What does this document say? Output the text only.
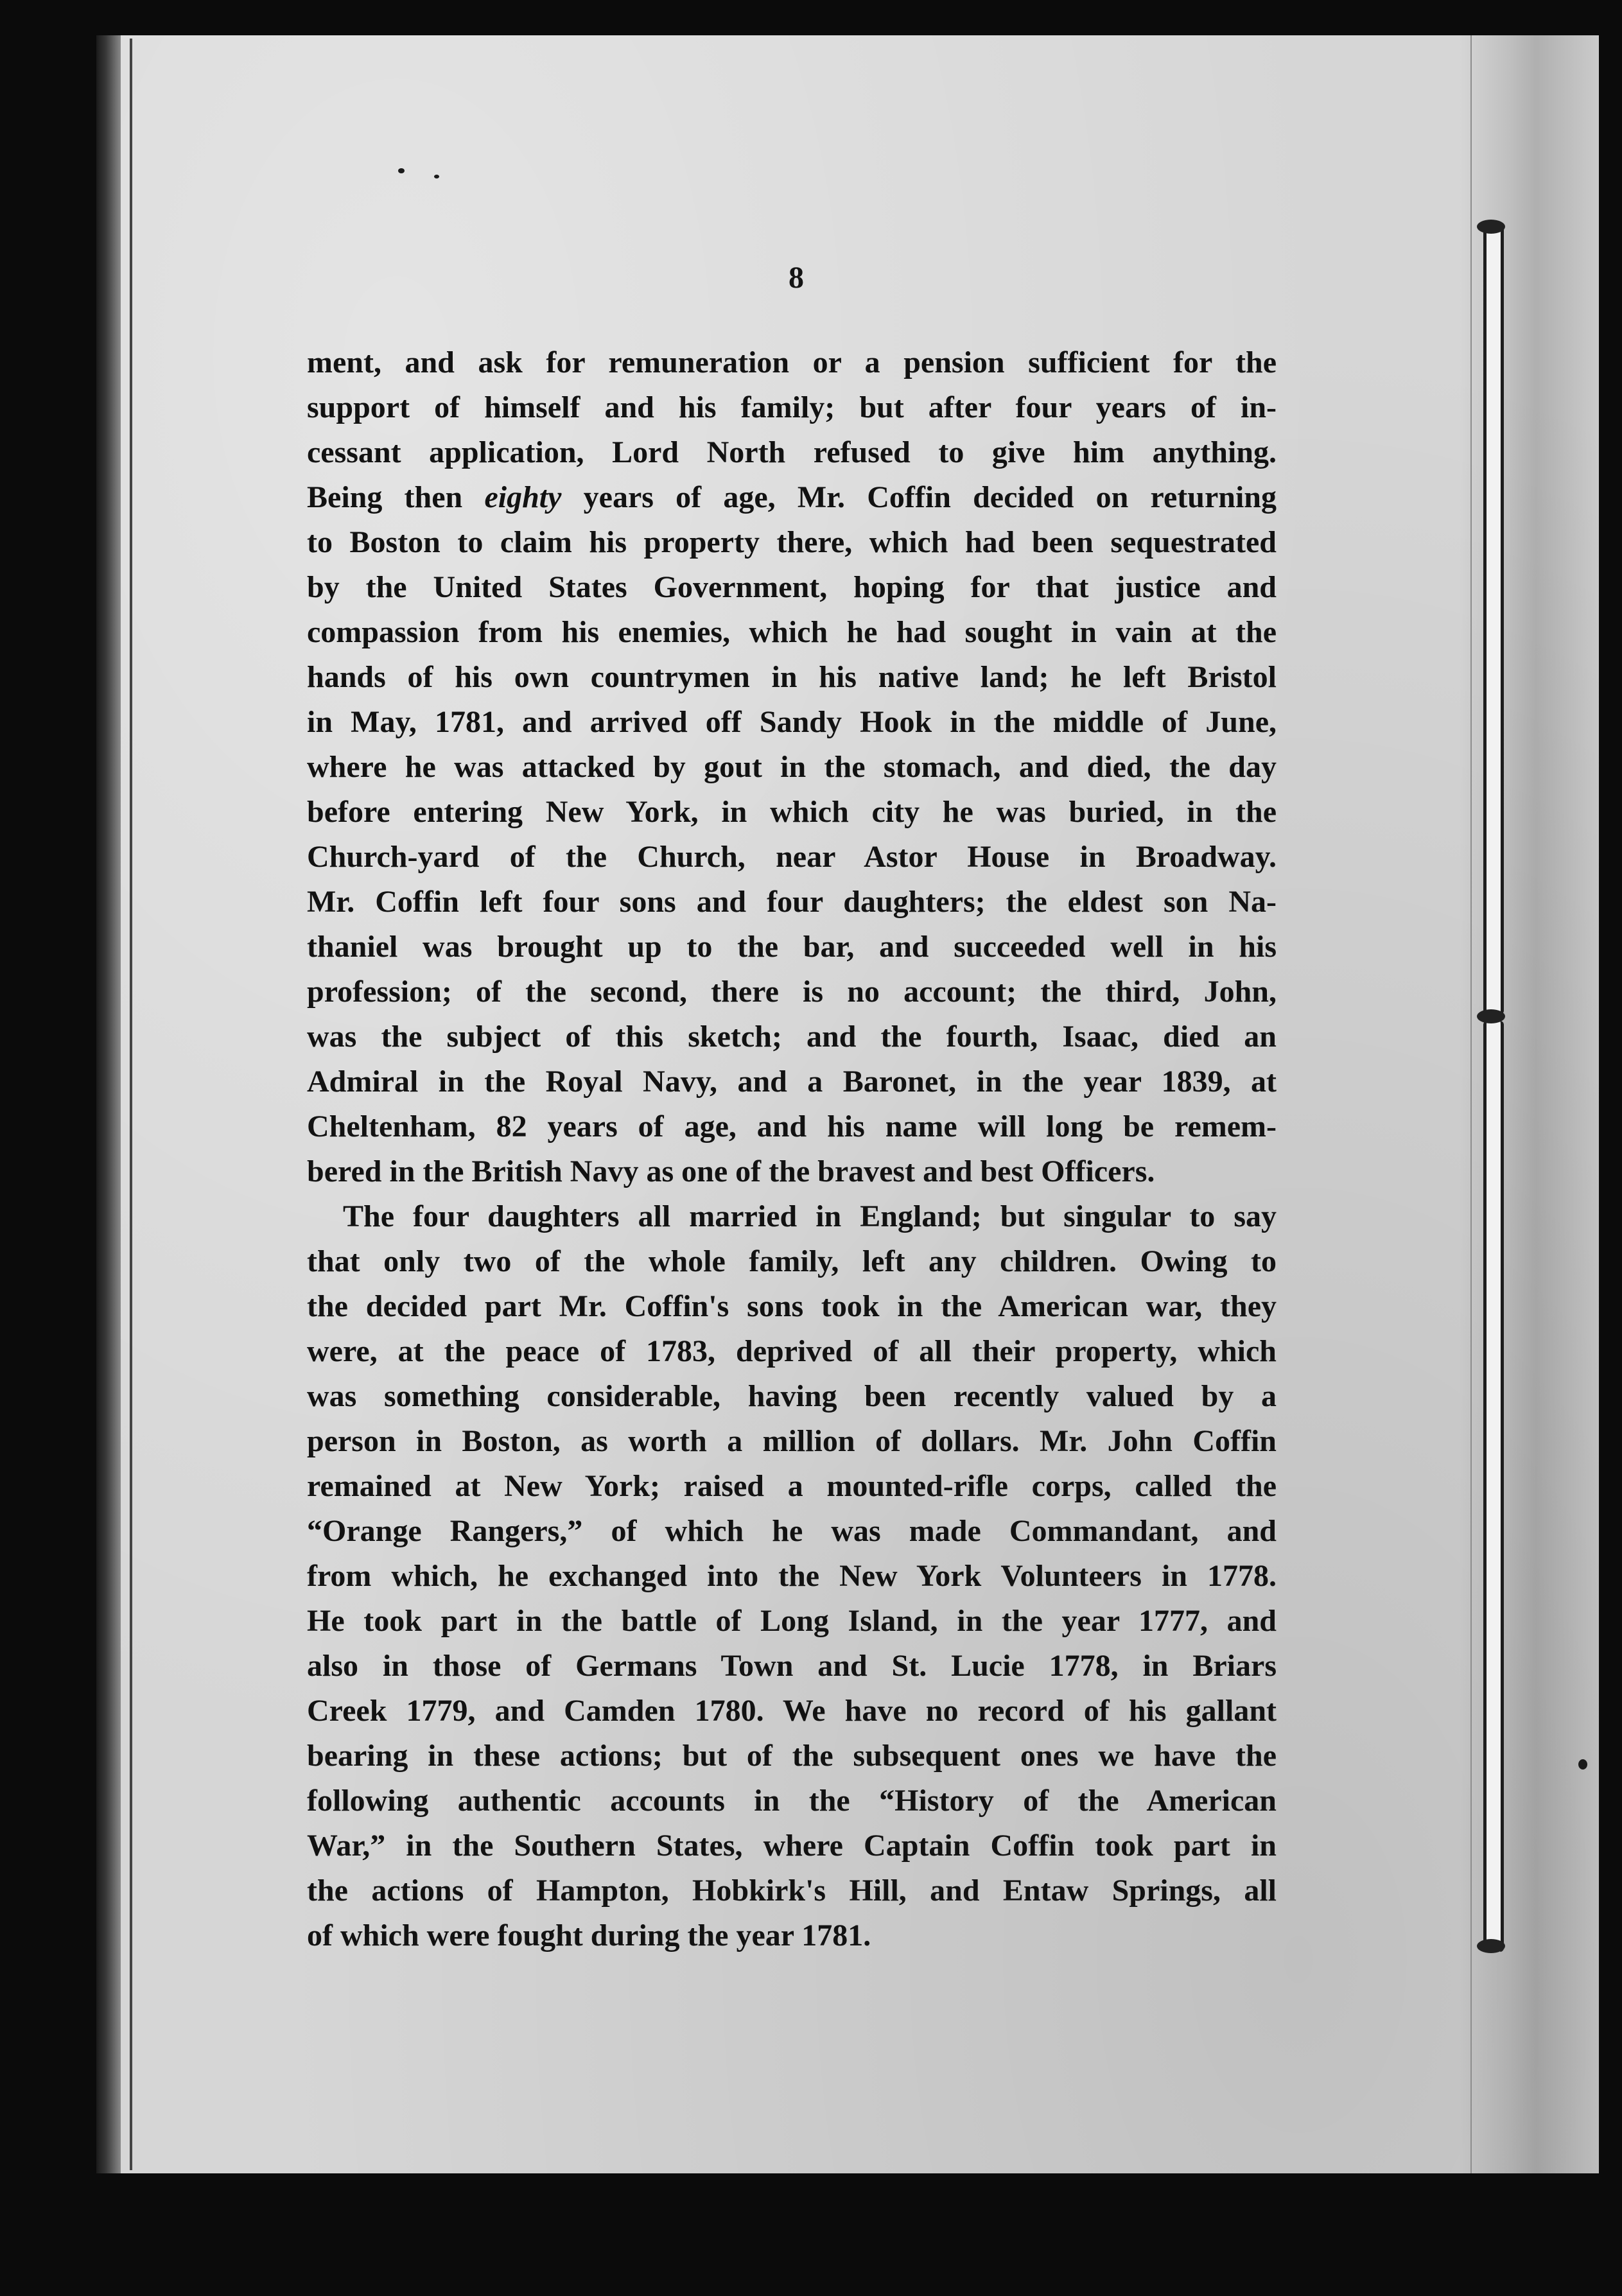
8
ment, and ask for remuneration or a pension sufficient for the
support of himself and his family; but after four years of in-
cessant application, Lord North refused to give him anything.
Being then eighty years of age, Mr. Coffin decided on returning
to Boston to claim his property there, which had been sequestrated
by the United States Government, hoping for that justice and
compassion from his enemies, which he had sought in vain at the
hands of his own countrymen in his native land; he left Bristol
in May, 1781, and arrived off Sandy Hook in the middle of June,
where he was attacked by gout in the stomach, and died, the day
before entering New York, in which city he was buried, in the
Church-yard of the Church, near Astor House in Broadway.
Mr. Coffin left four sons and four daughters; the eldest son Na-
thaniel was brought up to the bar, and succeeded well in his
profession; of the second, there is no account; the third, John,
was the subject of this sketch; and the fourth, Isaac, died an
Admiral in the Royal Navy, and a Baronet, in the year 1839, at
Cheltenham, 82 years of age, and his name will long be remem-
bered in the British Navy as one of the bravest and best Officers.
The four daughters all married in England; but singular to say
that only two of the whole family, left any children. Owing to
the decided part Mr. Coffin's sons took in the American war, they
were, at the peace of 1783, deprived of all their property, which
was something considerable, having been recently valued by a
person in Boston, as worth a million of dollars. Mr. John Coffin
remained at New York; raised a mounted-rifle corps, called the
“Orange Rangers,” of which he was made Commandant, and
from which, he exchanged into the New York Volunteers in 1778.
He took part in the battle of Long Island, in the year 1777, and
also in those of Germans Town and St. Lucie 1778, in Briars
Creek 1779, and Camden 1780. We have no record of his gallant
bearing in these actions; but of the subsequent ones we have the
following authentic accounts in the “History of the American
War,” in the Southern States, where Captain Coffin took part in
the actions of Hampton, Hobkirk's Hill, and Entaw Springs, all
of which were fought during the year 1781.
